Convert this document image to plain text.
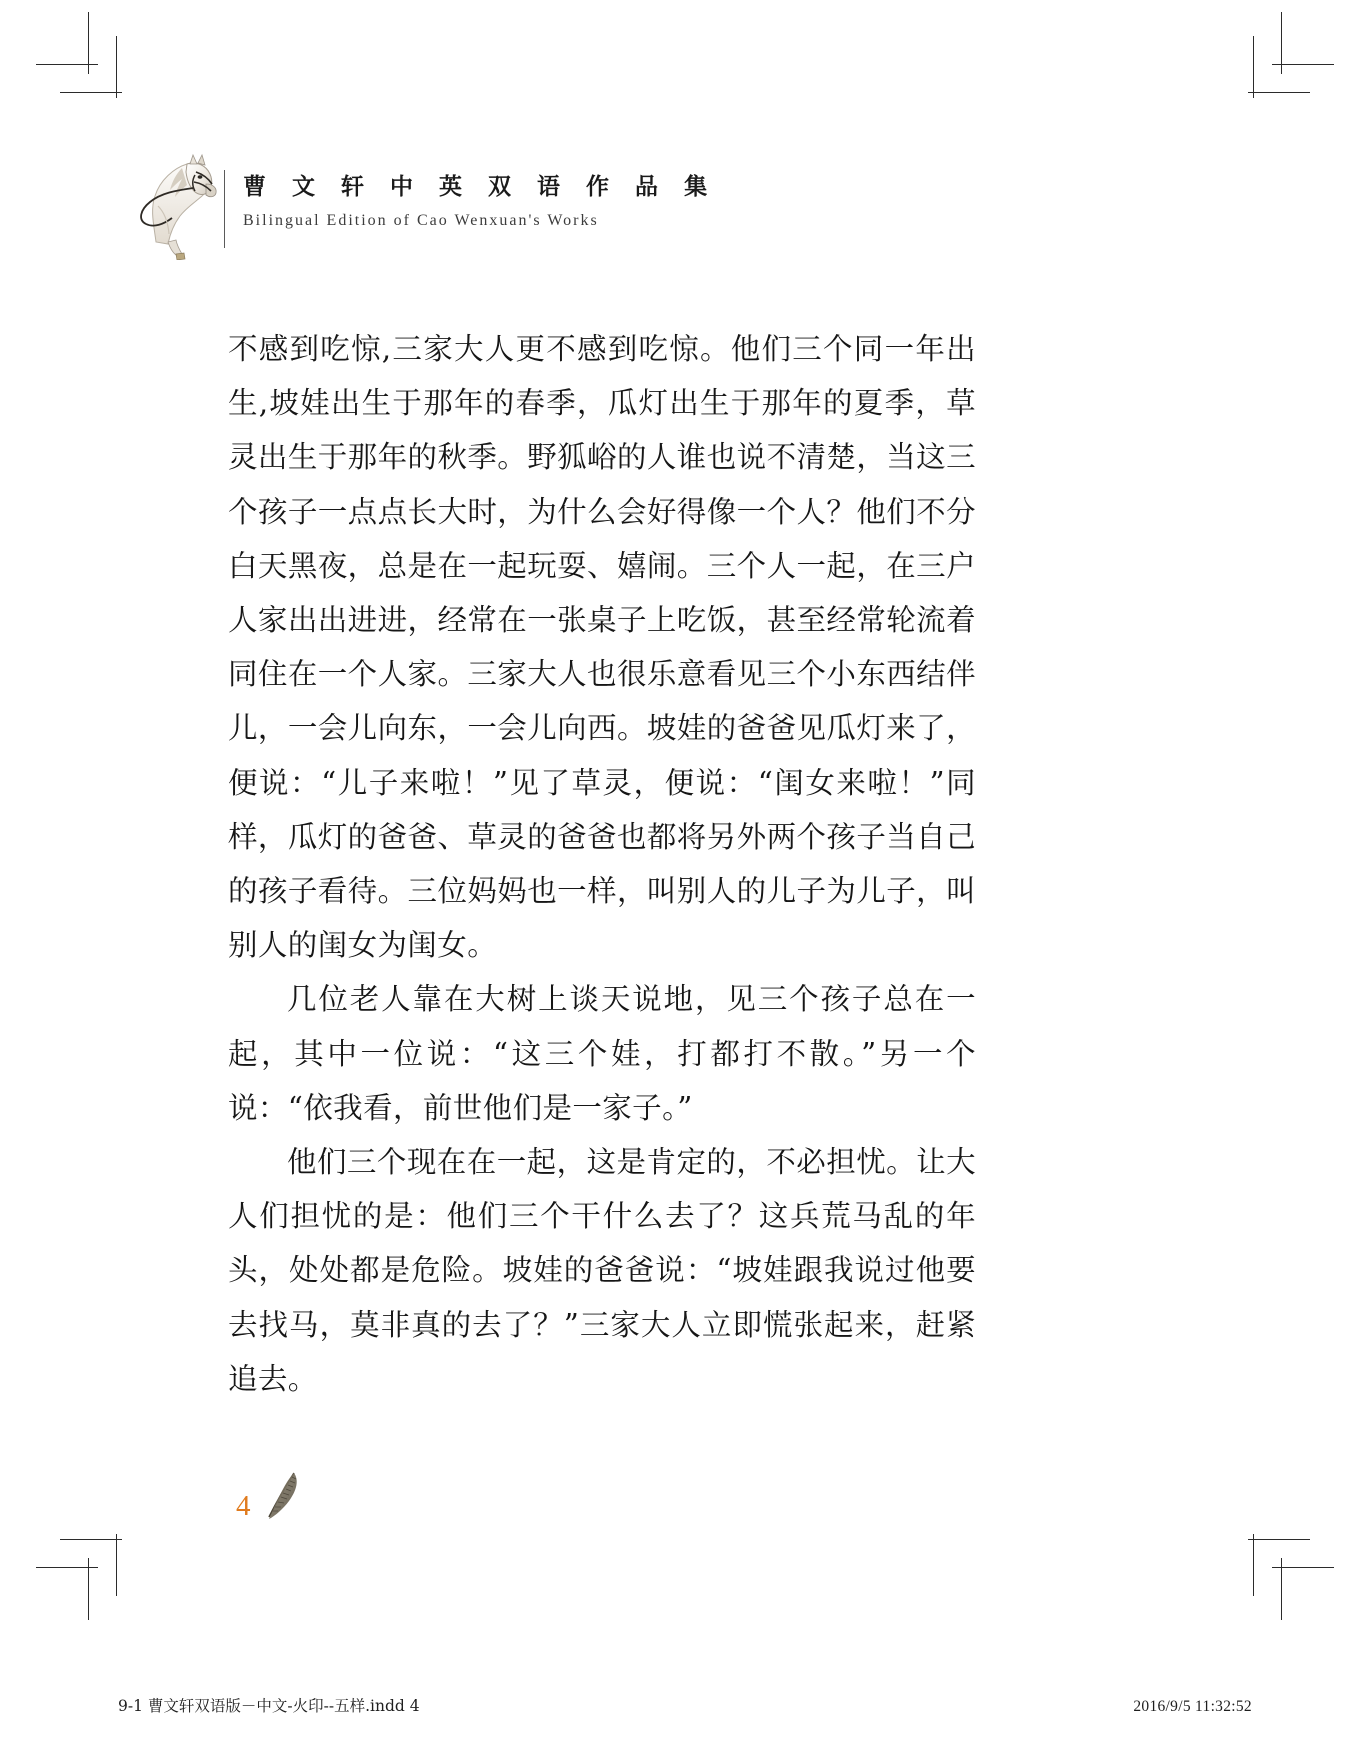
曹 文 轩 中 英 双 语 作 品 集
Bilingual Edition of Cao Wenxuan's Works

不感到吃惊,三家大人更不感到吃惊。他们三个同一年出生,坡娃出生于那年的春季，瓜灯出生于那年的夏季，草灵出生于那年的秋季。野狐峪的人谁也说不清楚，当这三个孩子一点点长大时，为什么会好得像一个人？他们不分白天黑夜，总是在一起玩耍、嬉闹。三个人一起，在三户人家出出进进，经常在一张桌子上吃饭，甚至经常轮流着同住在一个人家。三家大人也很乐意看见三个小东西结伴儿，一会儿向东，一会儿向西。坡娃的爸爸见瓜灯来了，便说：“儿子来啦！”见了草灵，便说：“闺女来啦！”同样，瓜灯的爸爸、草灵的爸爸也都将另外两个孩子当自己的孩子看待。三位妈妈也一样，叫别人的儿子为儿子，叫别人的闺女为闺女。

几位老人靠在大树上谈天说地，见三个孩子总在一起，其中一位说：“这三个娃，打都打不散。”另一个说：“依我看，前世他们是一家子。”

他们三个现在在一起，这是肯定的，不必担忧。让大人们担忧的是：他们三个干什么去了？这兵荒马乱的年头，处处都是危险。坡娃的爸爸说：“坡娃跟我说过他要去找马，莫非真的去了？”三家大人立即慌张起来，赶紧追去。

4
9-1 曹文轩双语版－中文-火印--五样.indd 4	2016/9/5 11:32:52
